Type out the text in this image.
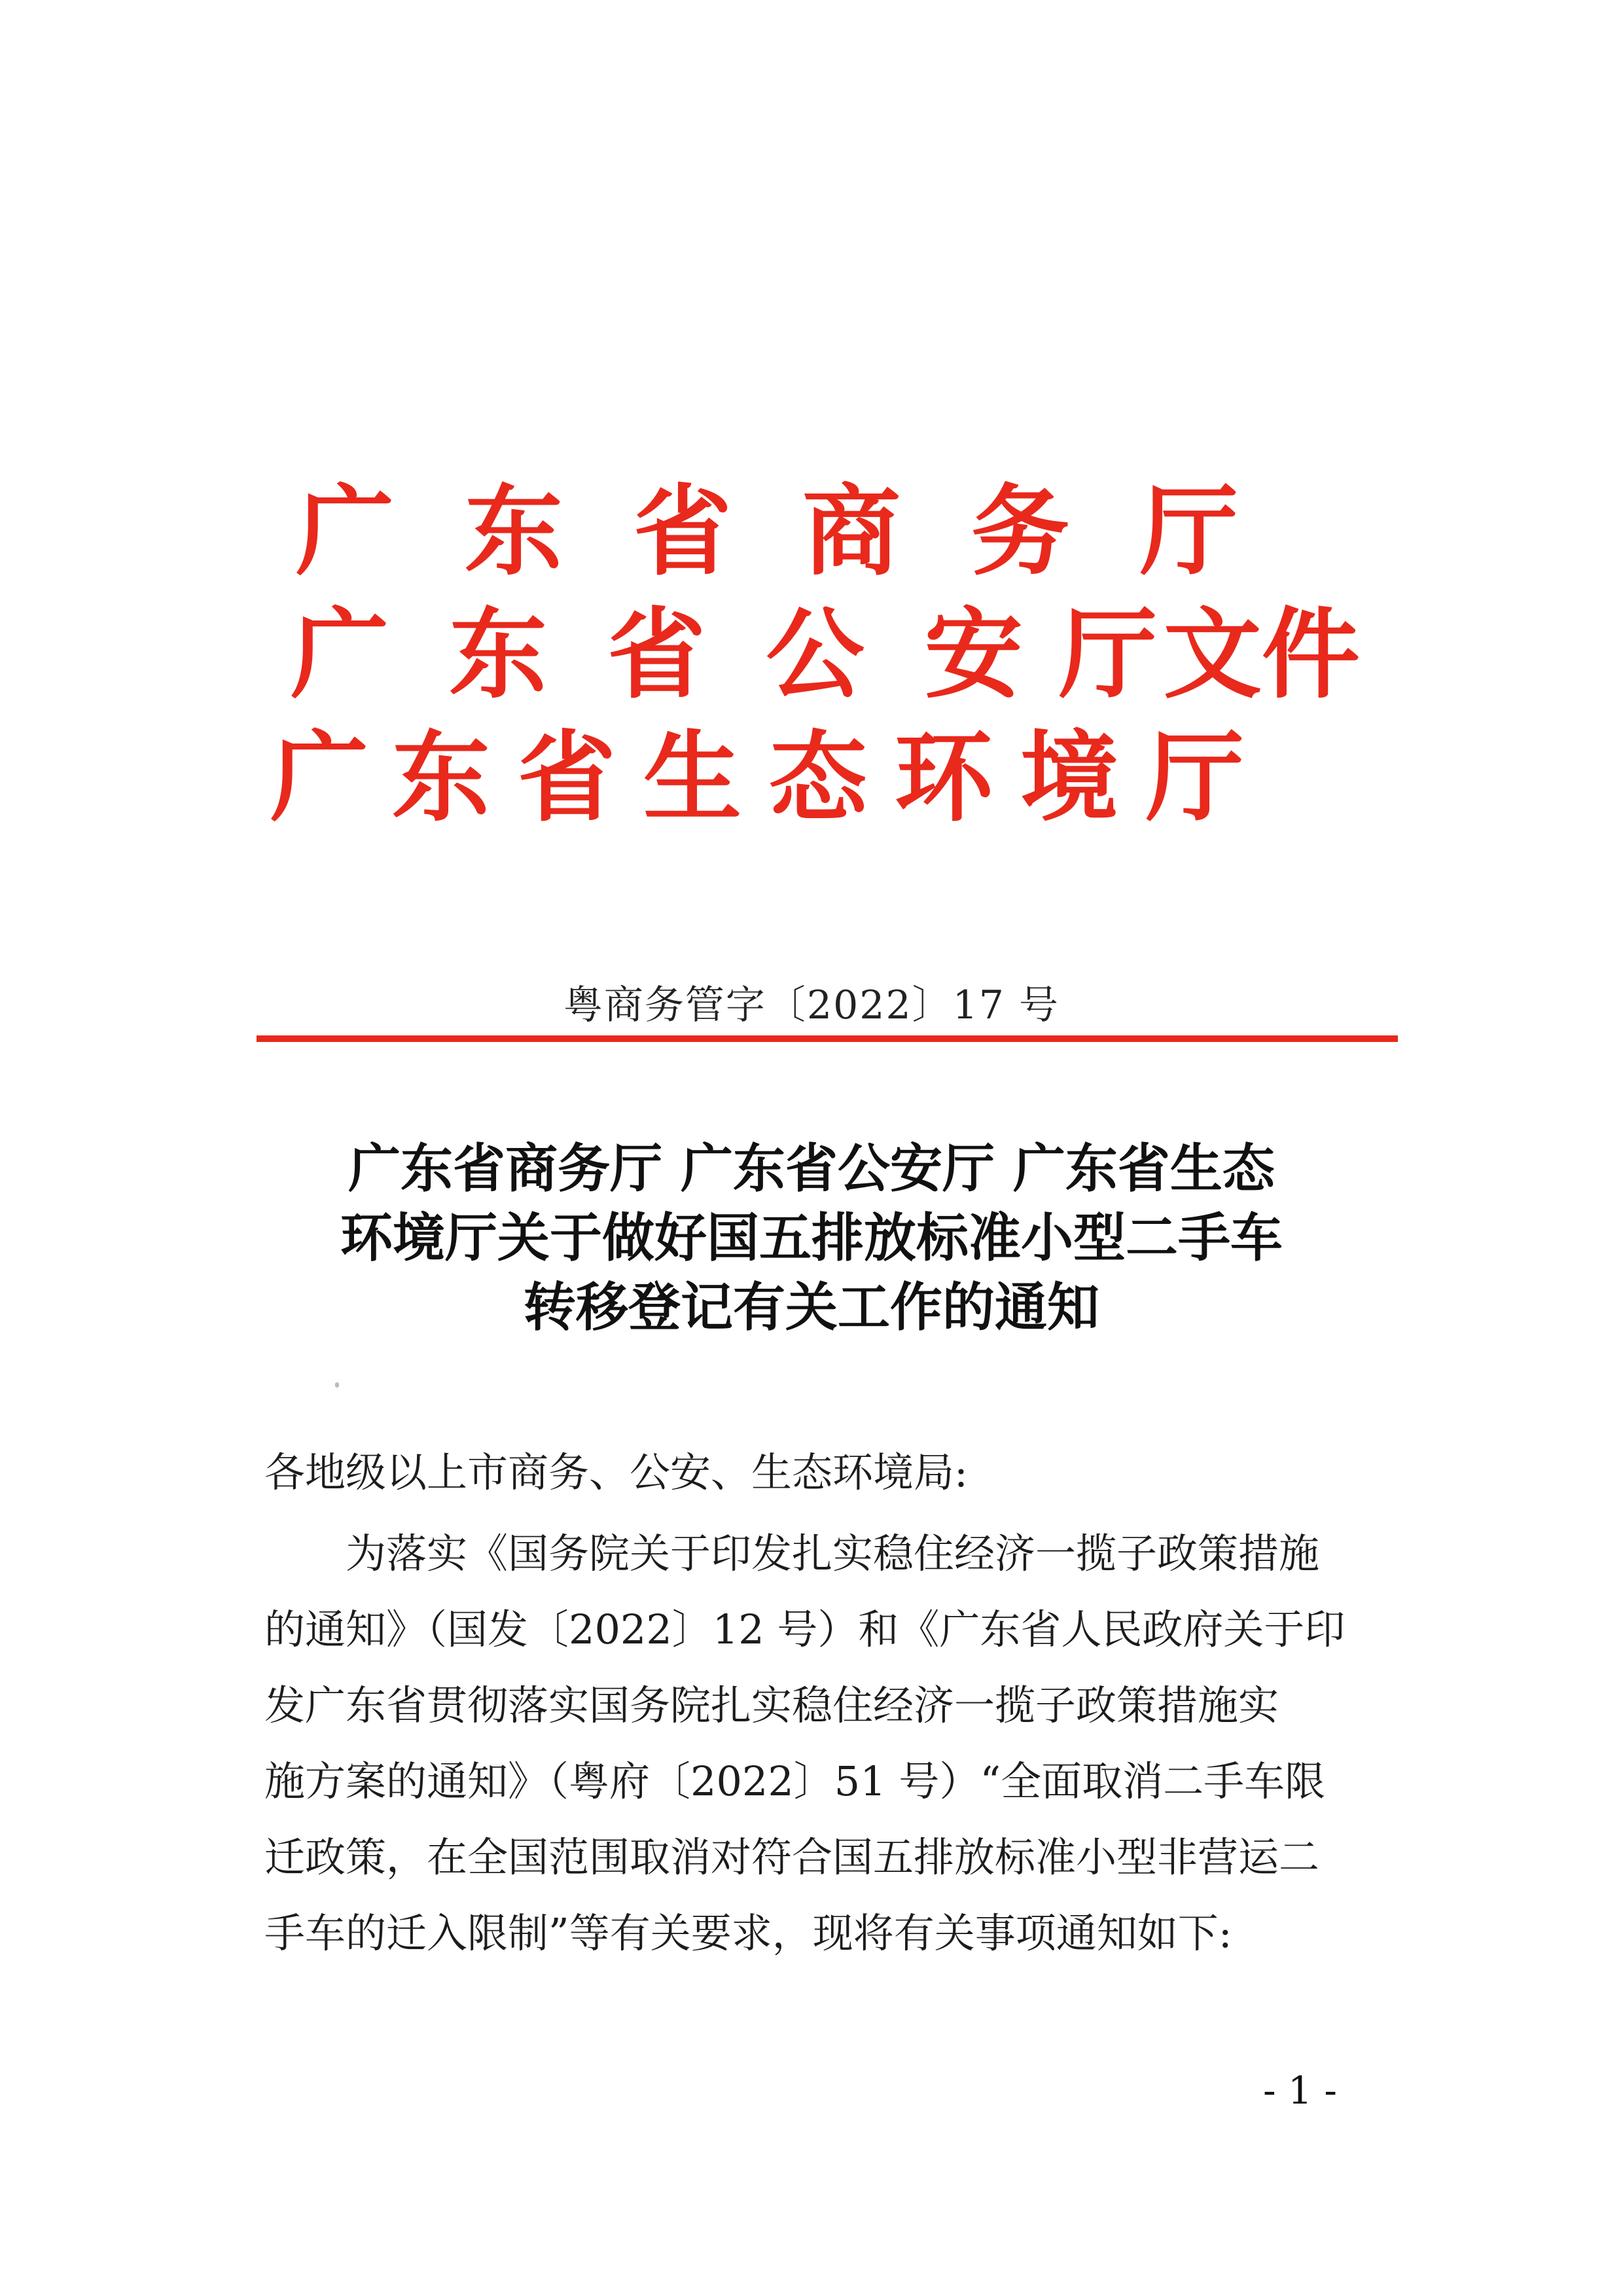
广 东 省 商 务 厅
广 东 省 公 安 厅 文 件
广 东 省 生 态 环 境 厅
粤商务管字〔2022〕17 号
广东省商务厅 广东省公安厅 广东省生态
环境厅关于做好国五排放标准小型二手车
转移登记有关工作的通知
各地级以上市商务、公安、生态环境局:
为落实《国务院关于印发扎实稳住经济一揽子政策措施
的通知》（国发〔2022〕12 号）和《广东省人民政府关于印
发广东省贯彻落实国务院扎实稳住经济一揽子政策措施实
施方案的通知》（粤府〔2022〕51 号）“全面取消二手车限
迁政策，在全国范围取消对符合国五排放标准小型非营运二
手车的迁入限制”等有关要求，现将有关事项通知如下:
- 1 -
